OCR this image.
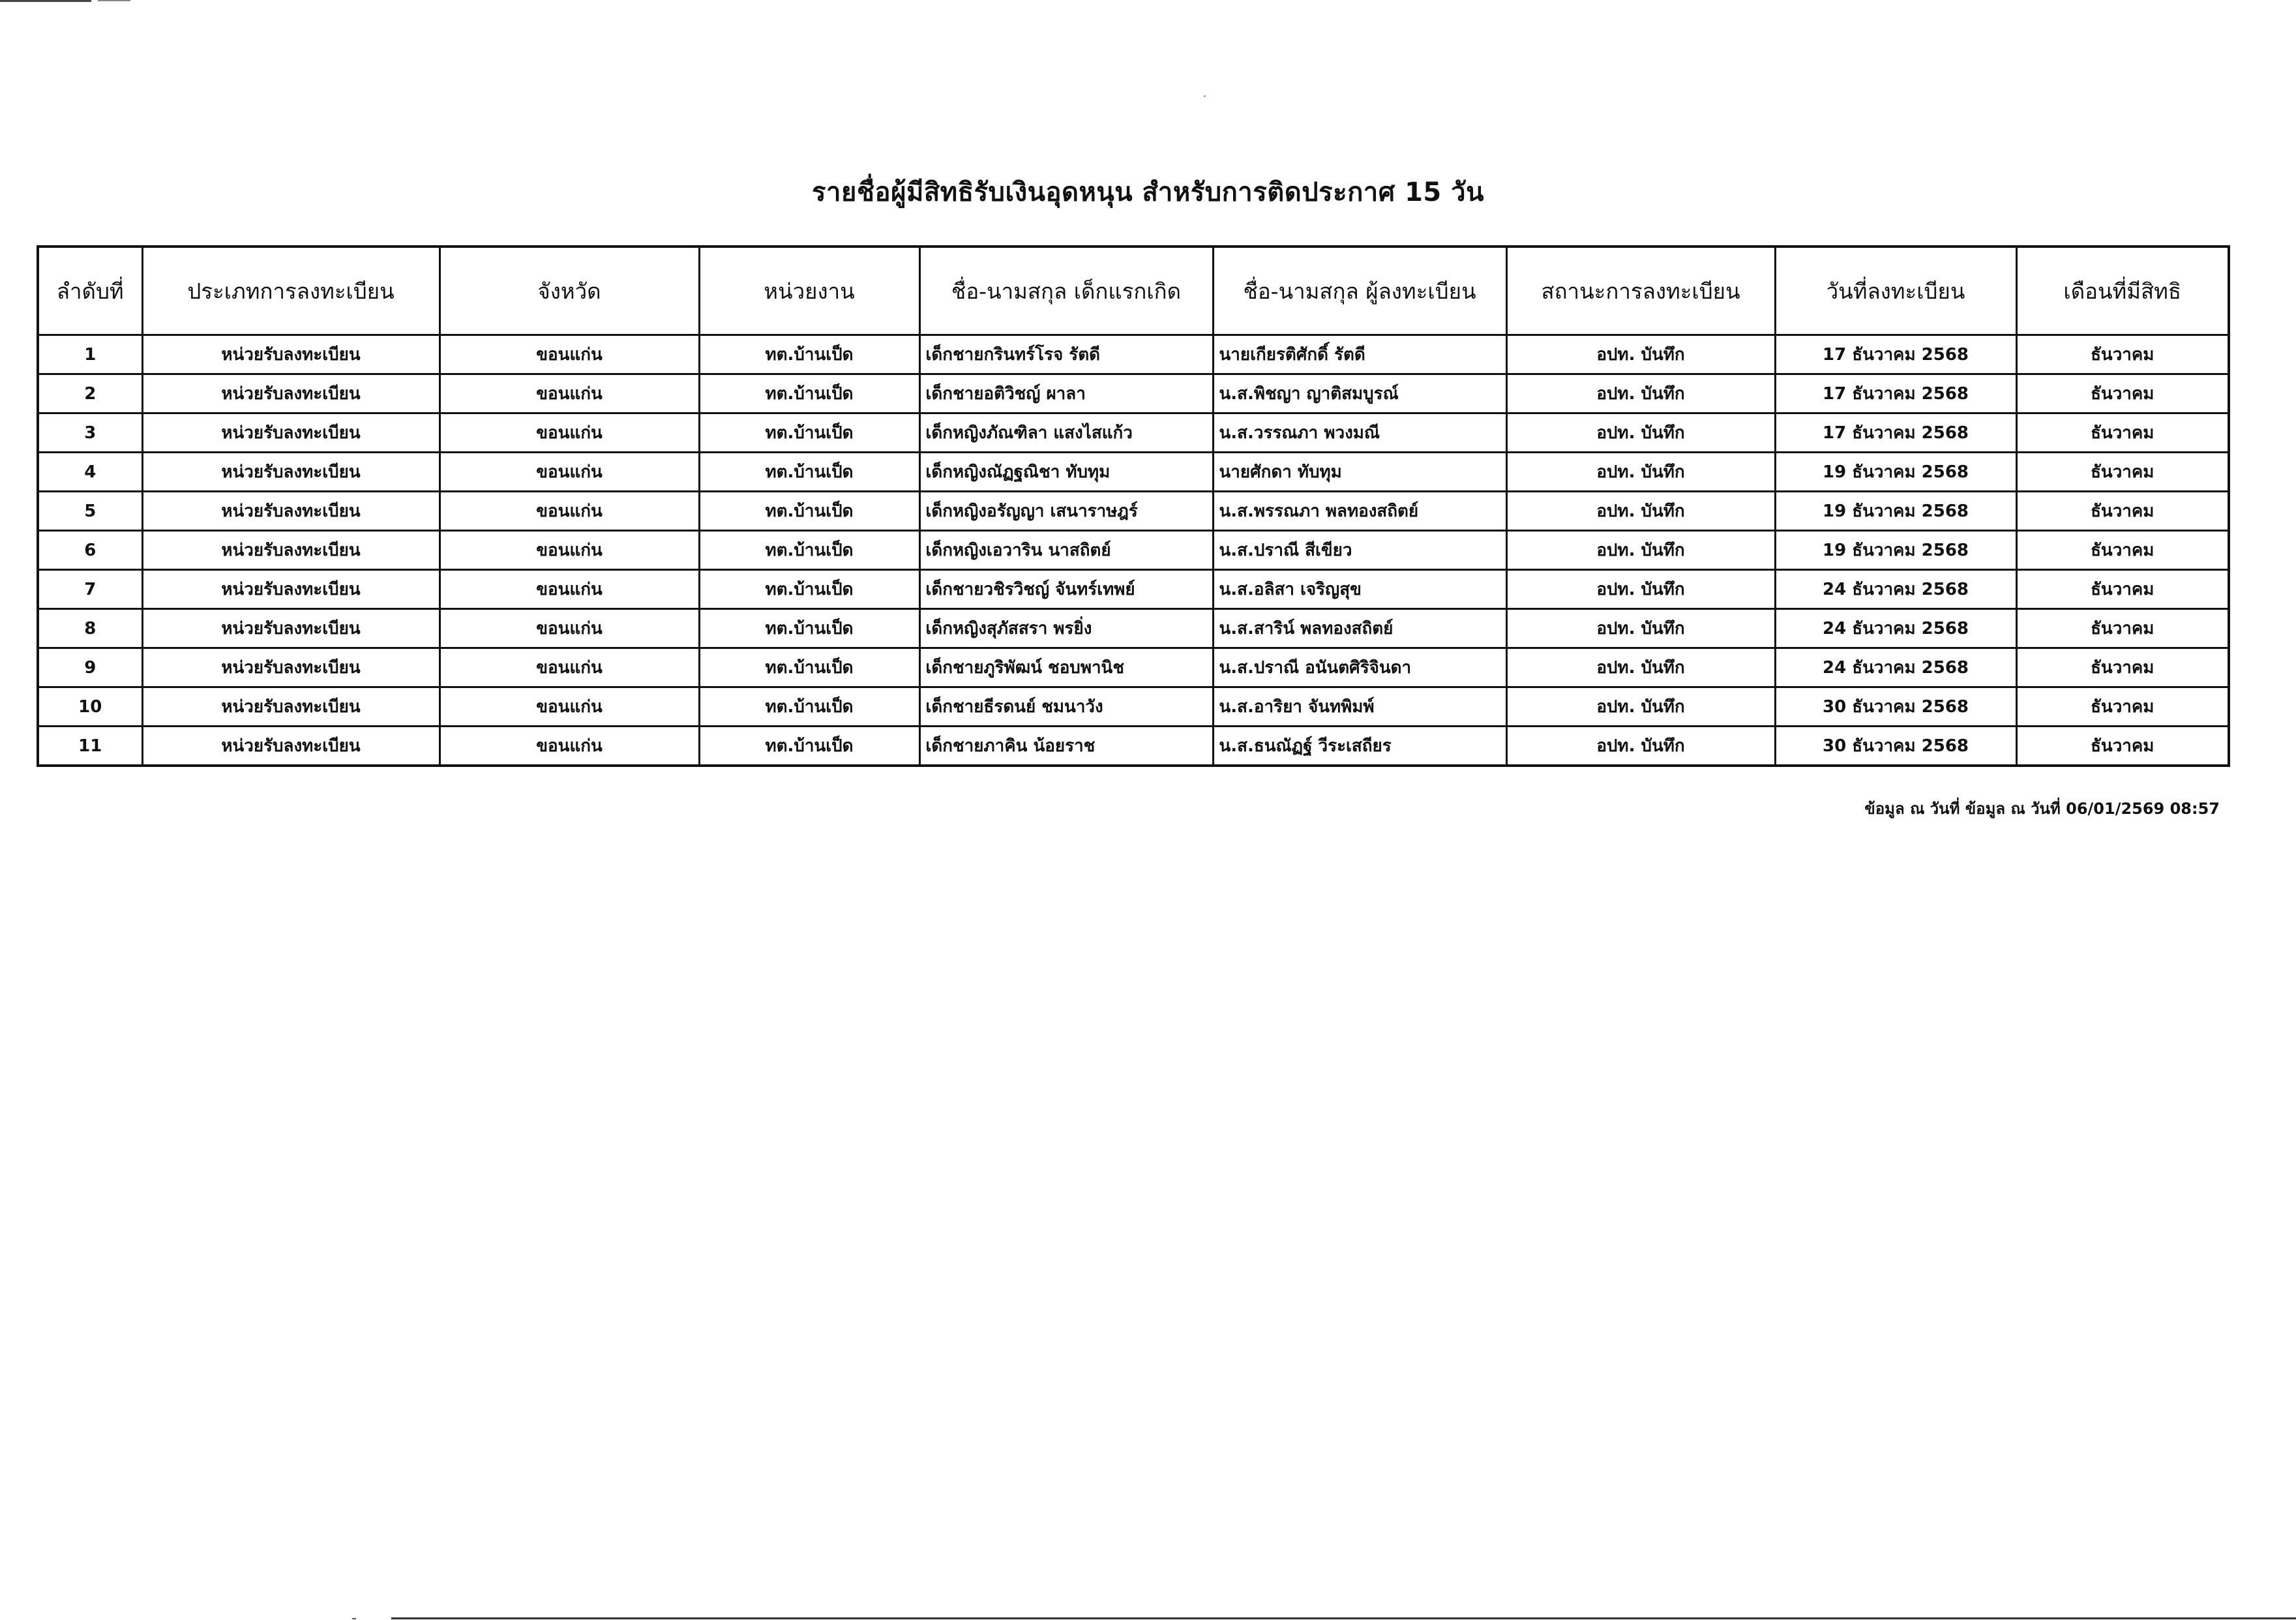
รายชื่อผู้มีสิทธิรับเงินอุดหนุน สำหรับการติดประกาศ 15 วัน
ลำดับที่	ประเภทการลงทะเบียน	จังหวัด	หน่วยงาน	ชื่อ-นามสกุล เด็กแรกเกิด	ชื่อ-นามสกุล ผู้ลงทะเบียน	สถานะการลงทะเบียน	วันที่ลงทะเบียน	เดือนที่มีสิทธิ
1	หน่วยรับลงทะเบียน	ขอนแก่น	ทต.บ้านเป็ด	เด็กชายกรินทร์โรจ รัตดี	นายเกียรติศักดิ์ รัตดี	อปท. บันทึก	17 ธันวาคม 2568	ธันวาคม
2	หน่วยรับลงทะเบียน	ขอนแก่น	ทต.บ้านเป็ด	เด็กชายอติวิชญ์ ผาลา	น.ส.พิชญา ญาติสมบูรณ์	อปท. บันทึก	17 ธันวาคม 2568	ธันวาคม
3	หน่วยรับลงทะเบียน	ขอนแก่น	ทต.บ้านเป็ด	เด็กหญิงภัณฑิลา แสงไสแก้ว	น.ส.วรรณภา พวงมณี	อปท. บันทึก	17 ธันวาคม 2568	ธันวาคม
4	หน่วยรับลงทะเบียน	ขอนแก่น	ทต.บ้านเป็ด	เด็กหญิงณัฏฐณิชา ทับทุม	นายศักดา ทับทุม	อปท. บันทึก	19 ธันวาคม 2568	ธันวาคม
5	หน่วยรับลงทะเบียน	ขอนแก่น	ทต.บ้านเป็ด	เด็กหญิงอรัญญา เสนาราษฎร์	น.ส.พรรณภา พลทองสถิตย์	อปท. บันทึก	19 ธันวาคม 2568	ธันวาคม
6	หน่วยรับลงทะเบียน	ขอนแก่น	ทต.บ้านเป็ด	เด็กหญิงเอวาริน นาสถิตย์	น.ส.ปราณี สีเขียว	อปท. บันทึก	19 ธันวาคม 2568	ธันวาคม
7	หน่วยรับลงทะเบียน	ขอนแก่น	ทต.บ้านเป็ด	เด็กชายวชิรวิชญ์ จันทร์เทพย์	น.ส.อลิสา เจริญสุข	อปท. บันทึก	24 ธันวาคม 2568	ธันวาคม
8	หน่วยรับลงทะเบียน	ขอนแก่น	ทต.บ้านเป็ด	เด็กหญิงสุภัสสรา พรยิ่ง	น.ส.สาริน์ พลทองสถิตย์	อปท. บันทึก	24 ธันวาคม 2568	ธันวาคม
9	หน่วยรับลงทะเบียน	ขอนแก่น	ทต.บ้านเป็ด	เด็กชายภูริพัฒน์ ชอบพานิช	น.ส.ปราณี อนันตศิริจินดา	อปท. บันทึก	24 ธันวาคม 2568	ธันวาคม
10	หน่วยรับลงทะเบียน	ขอนแก่น	ทต.บ้านเป็ด	เด็กชายธีรดนย์ ชมนาวัง	น.ส.อาริยา จันทพิมพ์	อปท. บันทึก	30 ธันวาคม 2568	ธันวาคม
11	หน่วยรับลงทะเบียน	ขอนแก่น	ทต.บ้านเป็ด	เด็กชายภาคิน น้อยราช	น.ส.ธนณัฏฐ์ วีระเสถียร	อปท. บันทึก	30 ธันวาคม 2568	ธันวาคม
ข้อมูล ณ วันที่ ข้อมูล ณ วันที่ 06/01/2569 08:57
